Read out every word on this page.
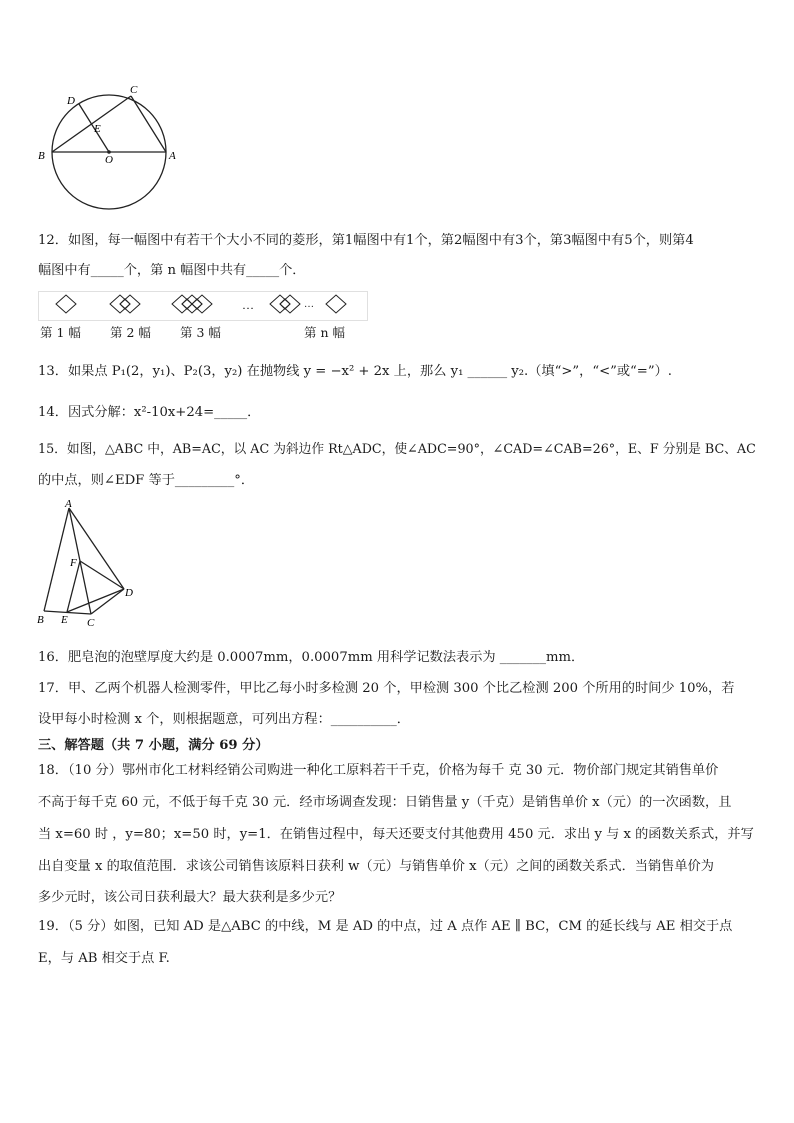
C
D
E
B	O	A
12．如图，每一幅图中有若干个大小不同的菱形，第1幅图中有1个，第2幅图中有3个，第3幅图中有5个，则第4
幅图中有_____个，第 n 幅图中共有_____个．
…	…
第 1 幅 第 2 幅 第 3 幅	第 n 幅
13．如果点 P₁(2，y₁)、P₂(3，y₂) 在抛物线 y = −x² + 2x 上，那么 y₁ ______ y₂.（填“>”，“<”或“=”）.
14．因式分解：x²-10x+24=_____．
15．如图，△ABC 中，AB=AC，以 AC 为斜边作 Rt△ADC，使∠ADC=90°，∠CAD=∠CAB=26°，E、F 分别是 BC、AC
的中点，则∠EDF 等于_________°．
A
F
D
B E C
16．肥皂泡的泡壁厚度大约是 0.0007mm，0.0007mm 用科学记数法表示为 _______mm．
17．甲、乙两个机器人检测零件，甲比乙每小时多检测 20 个，甲检测 300 个比乙检测 200 个所用的时间少 10%，若
设甲每小时检测 x 个，则根据题意，可列出方程：__________．
三、解答题（共 7 小题，满分 69 分）
18．（10 分）鄂州市化工材料经销公司购进一种化工原料若干千克，价格为每千 克 30 元．物价部门规定其销售单价
不高于每千克 60 元，不低于每千克 30 元．经市场调查发现：日销售量 y（千克）是销售单价 x（元）的一次函数，且
当 x=60 时 ，y=80；x=50 时，y=1．在销售过程中，每天还要支付其他费用 450 元．求出 y 与 x 的函数关系式，并写
出自变量 x 的取值范围．求该公司销售该原料日获利 w（元）与销售单价 x（元）之间的函数关系式．当销售单价为
多少元时，该公司日获利最大？最大获利是多少元？
19．（5 分）如图，已知 AD 是△ABC 的中线，M 是 AD 的中点，过 A 点作 AE ∥ BC，CM 的延长线与 AE 相交于点
E，与 AB 相交于点 F.
